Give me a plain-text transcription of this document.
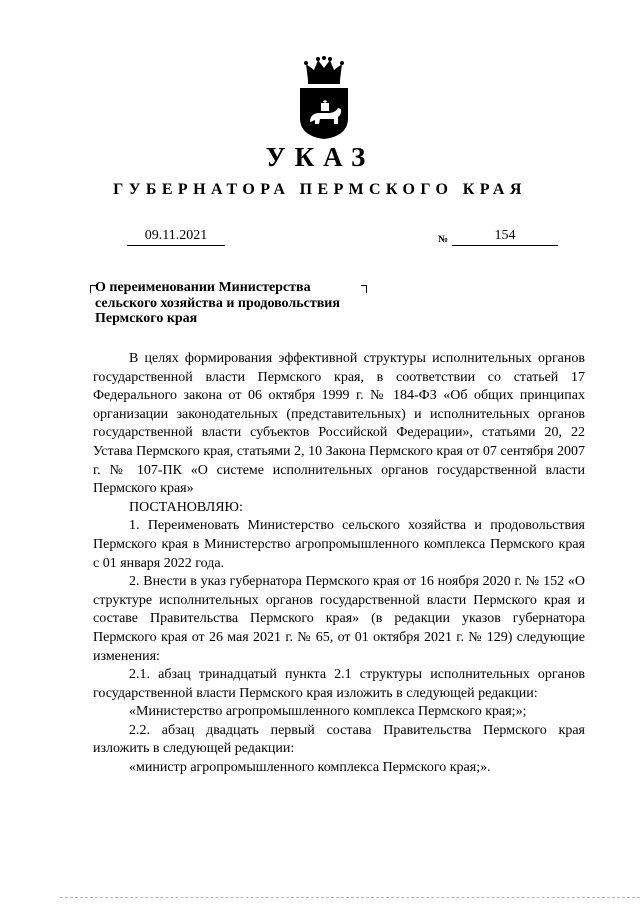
УКАЗ
ГУБЕРНАТОРА ПЕРМСКОГО КРАЯ
09.11.2021	№	154
О переименовании Министерства
сельского хозяйства и продовольствия
Пермского края

В целях формирования эффективной структуры исполнительных органов государственной власти Пермского края, в соответствии со статьей 17 Федерального закона от 06 октября 1999 г. № 184-ФЗ «Об общих принципах организации законодательных (представительных) и исполнительных органов государственной власти субъектов Российской Федерации», статьями 20, 22 Устава Пермского края, статьями 2, 10 Закона Пермского края от 07 сентября 2007 г. № 107-ПК «О системе исполнительных органов государственной власти Пермского края»

ПОСТАНОВЛЯЮ:

1. Переименовать Министерство сельского хозяйства и продовольствия Пермского края в Министерство агропромышленного комплекса Пермского края с 01 января 2022 года.

2. Внести в указ губернатора Пермского края от 16 ноября 2020 г. № 152 «О структуре исполнительных органов государственной власти Пермского края и составе Правительства Пермского края» (в редакции указов губернатора Пермского края от 26 мая 2021 г. № 65, от 01 октября 2021 г. № 129) следующие изменения:

2.1. абзац тринадцатый пункта 2.1 структуры исполнительных органов государственной власти Пермского края изложить в следующей редакции:

«Министерство агропромышленного комплекса Пермского края;»;

2.2. абзац двадцать первый состава Правительства Пермского края изложить в следующей редакции:

«министр агропромышленного комплекса Пермского края;».
